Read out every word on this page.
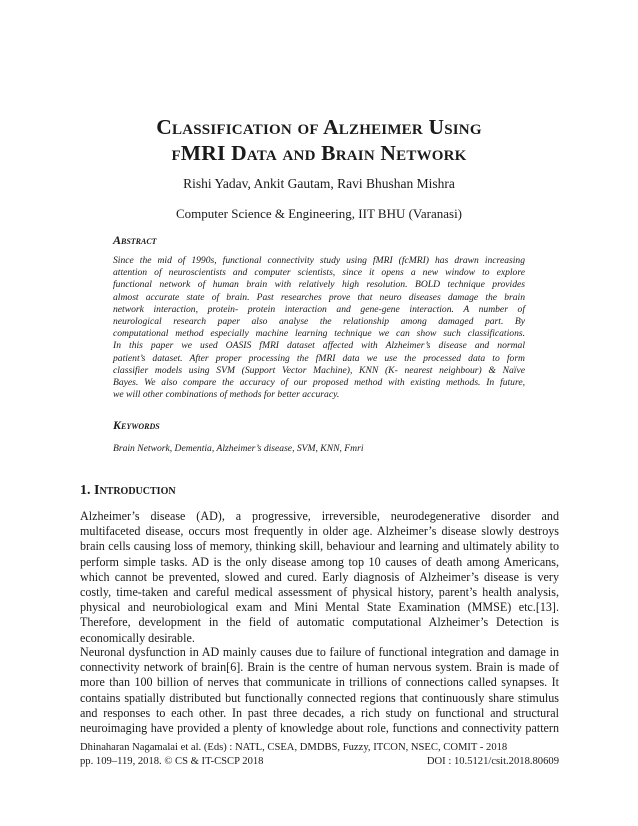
Classification of Alzheimer Using
fMRI Data and Brain Network
Rishi Yadav, Ankit Gautam, Ravi Bhushan Mishra
Computer Science & Engineering, IIT BHU (Varanasi)
Abstract
Since the mid of 1990s, functional connectivity study using fMRI (fcMRI) has drawn increasing
attention of neuroscientists and computer scientists, since it opens a new window to explore
functional network of human brain with relatively high resolution. BOLD technique provides
almost accurate state of brain. Past researches prove that neuro diseases damage the brain
network interaction, protein- protein interaction and gene-gene interaction. A number of
neurological research paper also analyse the relationship among damaged part. By
computational method especially machine learning technique we can show such classifications.
In this paper we used OASIS fMRI dataset affected with Alzheimer’s disease and normal
patient’s dataset. After proper processing the fMRI data we use the processed data to form
classifier models using SVM (Support Vector Machine), KNN (K- nearest neighbour) & Naïve
Bayes. We also compare the accuracy of our proposed method with existing methods. In future,
we will other combinations of methods for better accuracy.
Keywords
Brain Network, Dementia, Alzheimer’s disease, SVM, KNN, Fmri
1. Introduction
Alzheimer’s disease (AD), a progressive, irreversible, neurodegenerative disorder and
multifaceted disease, occurs most frequently in older age. Alzheimer’s disease slowly destroys
brain cells causing loss of memory, thinking skill, behaviour and learning and ultimately ability to
perform simple tasks. AD is the only disease among top 10 causes of death among Americans,
which cannot be prevented, slowed and cured. Early diagnosis of Alzheimer’s disease is very
costly, time-taken and careful medical assessment of physical history, parent’s health analysis,
physical and neurobiological exam and Mini Mental State Examination (MMSE) etc.[13].
Therefore, development in the field of automatic computational Alzheimer’s Detection is
economically desirable.
Neuronal dysfunction in AD mainly causes due to failure of functional integration and damage in
connectivity network of brain[6]. Brain is the centre of human nervous system. Brain is made of
more than 100 billion of nerves that communicate in trillions of connections called synapses. It
contains spatially distributed but functionally connected regions that continuously share stimulus
and responses to each other. In past three decades, a rich study on functional and structural
neuroimaging have provided a plenty of knowledge about role, functions and connectivity pattern
Dhinaharan Nagamalai et al. (Eds) : NATL, CSEA, DMDBS, Fuzzy, ITCON, NSEC, COMIT - 2018
pp. 109–119, 2018. © CS & IT-CSCP 2018	DOI : 10.5121/csit.2018.80609
